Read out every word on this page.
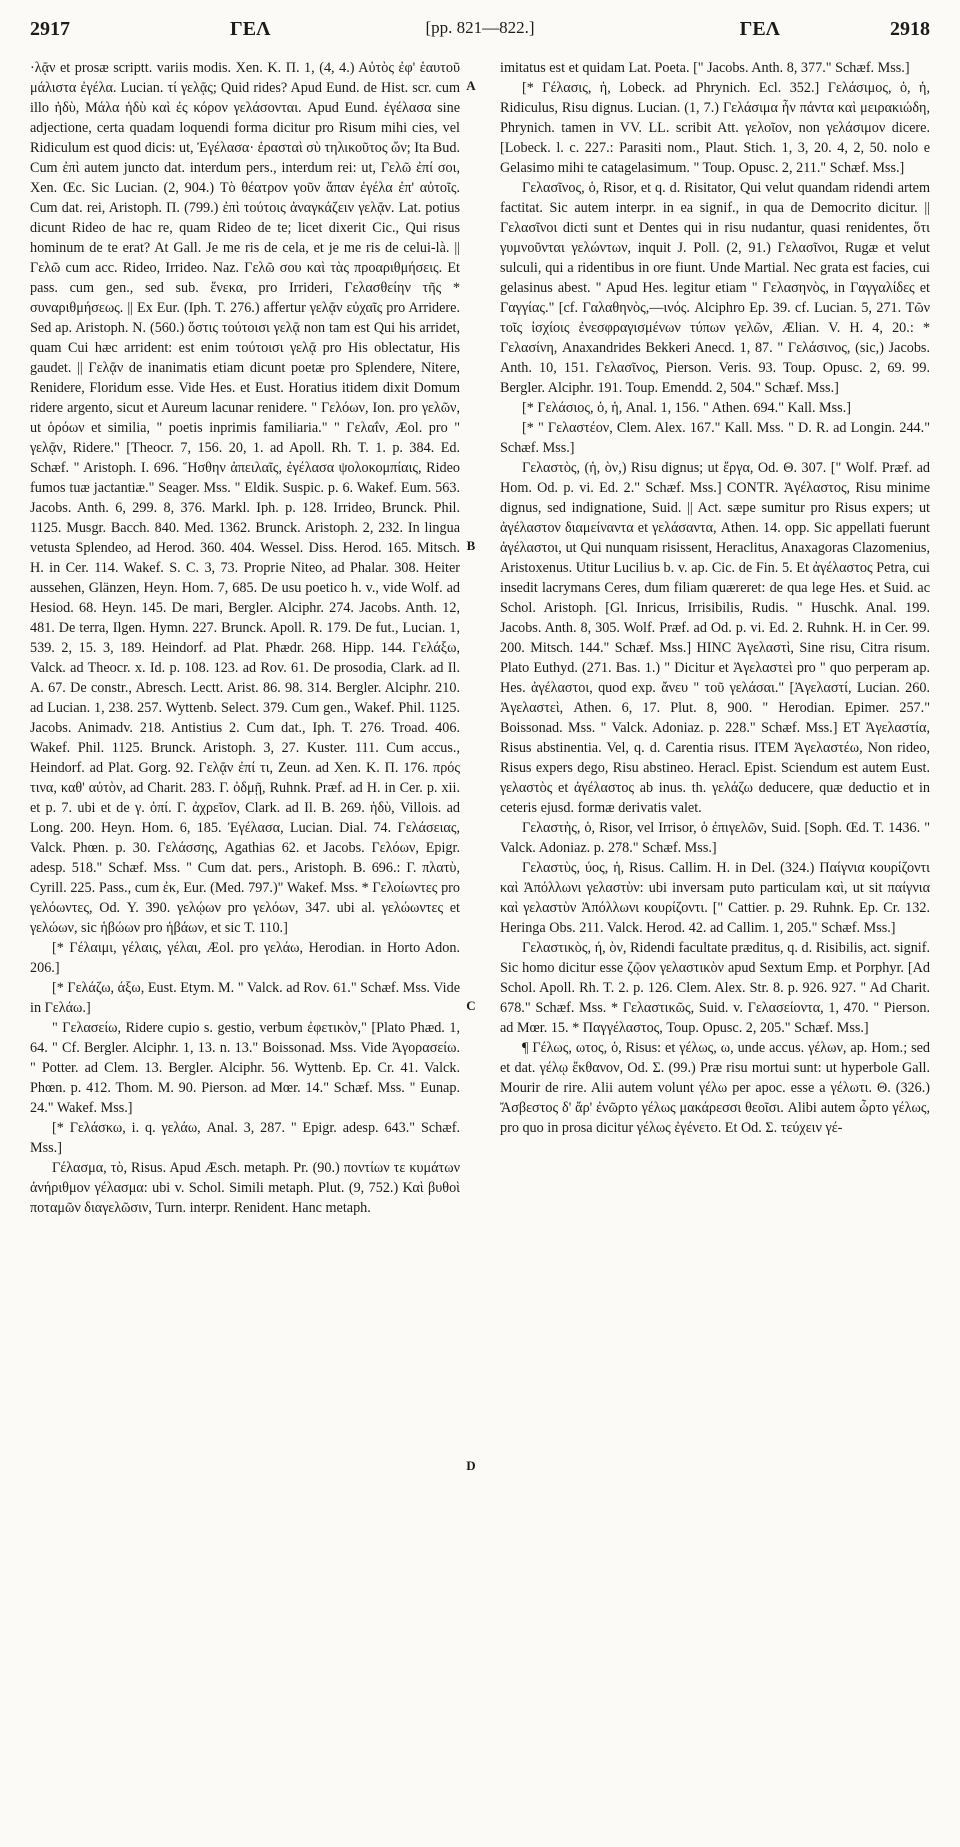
2917	ΓΕΛ	[pp. 821—822.]	ΓΕΛ	2918
A
B
C
D

·λᾷν et prosæ scriptt. variis modis. Xen. K. Π. 1, (4, 4.) Αὐτὸς ἐφ' ἑαυτοῦ μάλιστα ἐγέλα. Lucian. τί γελᾷς; Quid rides? Apud Eund. de Hist. scr. cum illo ἡδὺ, Μάλα ἡδὺ καὶ ἐς κόρον γελάσονται. Apud Eund. ἐγέλασα sine adjectione, certa quadam loquendi forma dicitur pro Risum mihi cies, vel Ridiculum est quod dicis: ut, Ἐγέλασα· ἐρασταὶ σὺ τηλικοῦτος ὤν; Ita Bud. Cum ἐπὶ autem juncto dat. interdum pers., interdum rei: ut, Γελῶ ἐπί σοι, Xen. Œc. Sic Lucian. (2, 904.) Τὸ θέατρον γοῦν ἅπαν ἐγέλα ἐπ' αὐτοῖς. Cum dat. rei, Aristoph. Π. (799.) ἐπὶ τούτοις ἀναγκάζειν γελᾷν. Lat. potius dicunt Rideo de hac re, quam Rideo de te; licet dixerit Cic., Qui risus hominum de te erat? At Gall. Je me ris de cela, et je me ris de celui-là. || Γελῶ cum acc. Rideo, Irrideo. Naz. Γελῶ σου καὶ τὰς προαριθμήσεις. Et pass. cum gen., sed sub. ἕνεκα, pro Irrideri, Γελασθείην τῆς * συναριθμήσεως. || Ex Eur. (Iph. T. 276.) affertur γελᾷν εὐχαῖς pro Arridere. Sed ap. Aristoph. N. (560.) ὅστις τούτοισι γελᾷ non tam est Qui his arridet, quam Cui hæc arrident: est enim τούτοισι γελᾷ pro His oblectatur, His gaudet. || Γελᾷν de inanimatis etiam dicunt poetæ pro Splendere, Nitere, Renidere, Floridum esse. Vide Hes. et Eust. Horatius itidem dixit Domum ridere argento, sicut et Aureum lacunar renidere. " Γελόων, Ion. pro γελῶν, ut ὁρόων et similia, " poetis inprimis familiaria." " Γελαΐν, Æol. pro " γελᾷν, Ridere." [Theocr. 7, 156. 20, 1. ad Apoll. Rh. T. 1. p. 384. Ed. Schæf. " Aristoph. Ι. 696. Ἥσθην ἀπειλαῖς, ἐγέλασα ψολοκομπίαις, Rideo fumos tuæ jactantiæ." Seager. Mss. " Eldik. Suspic. p. 6. Wakef. Eum. 563. Jacobs. Anth. 6, 299. 8, 376. Markl. Iph. p. 128. Irrideo, Brunck. Phil. 1125. Musgr. Bacch. 840. Med. 1362. Brunck. Aristoph. 2, 232. In lingua vetusta Splendeo, ad Herod. 360. 404. Wessel. Diss. Herod. 165. Mitsch. H. in Cer. 114. Wakef. S. C. 3, 73. Proprie Niteo, ad Phalar. 308. Heiter aussehen, Glänzen, Heyn. Hom. 7, 685. De usu poetico h. v., vide Wolf. ad Hesiod. 68. Heyn. 145. De mari, Bergler. Alciphr. 274. Jacobs. Anth. 12, 481. De terra, Ilgen. Hymn. 227. Brunck. Apoll. R. 179. De fut., Lucian. 1, 539. 2, 15. 3, 189. Heindorf. ad Plat. Phædr. 268. Hipp. 144. Γελάξω, Valck. ad Theocr. x. Id. p. 108. 123. ad Rov. 61. De prosodia, Clark. ad Il. A. 67. De constr., Abresch. Lectt. Arist. 86. 98. 314. Bergler. Alciphr. 210. ad Lucian. 1, 238. 257. Wyttenb. Select. 379. Cum gen., Wakef. Phil. 1125. Jacobs. Animadv. 218. Antistius 2. Cum dat., Iph. T. 276. Troad. 406. Wakef. Phil. 1125. Brunck. Aristoph. 3, 27. Kuster. 111. Cum accus., Heindorf. ad Plat. Gorg. 92. Γελᾷν ἐπί τι, Zeun. ad Xen. K. Π. 176. πρός τινα, καθ' αὐτὸν, ad Charit. 283. Γ. ὀδμῇ, Ruhnk. Præf. ad H. in Cer. p. xii. et p. 7. ubi et de γ. ὀπί. Γ. ἀχρεῖον, Clark. ad Il. B. 269. ἡδὺ, Villois. ad Long. 200. Heyn. Hom. 6, 185. Ἐγέλασα, Lucian. Dial. 74. Γελάσειας, Valck. Phœn. p. 30. Γελάσσης, Agathias 62. et Jacobs. Γελόων, Epigr. adesp. 518." Schæf. Mss. " Cum dat. pers., Aristoph. B. 696.: Γ. πλατὺ, Cyrill. 225. Pass., cum ἐκ, Eur. (Med. 797.)" Wakef. Mss. * Γελοίωντες pro γελόωντες, Od. Υ. 390. γελῴων pro γελόων, 347. ubi al. γελώωντες et γελώων, sic ἡβώων pro ἡβάων, et sic Τ. 110.]

[* Γέλαιμι, γέλαις, γέλαι, Æol. pro γελάω, Herodian. in Horto Adon. 206.]

[* Γελάζω, άξω, Eust. Etym. M. " Valck. ad Rov. 61." Schæf. Mss. Vide in Γελάω.]

" Γελασείω, Ridere cupio s. gestio, verbum ἐφετικὸν," [Plato Phæd. 1, 64. " Cf. Bergler. Alciphr. 1, 13. n. 13." Boissonad. Mss. Vide Ἀγορασείω. " Potter. ad Clem. 13. Bergler. Alciphr. 56. Wyttenb. Ep. Cr. 41. Valck. Phœn. p. 412. Thom. M. 90. Pierson. ad Mœr. 14." Schæf. Mss. " Eunap. 24." Wakef. Mss.]

[* Γελάσκω, i. q. γελάω, Anal. 3, 287. " Epigr. adesp. 643." Schæf. Mss.]

Γέλασμα, τὸ, Risus. Apud Æsch. metaph. Pr. (90.) ποντίων τε κυμάτων ἀνήριθμον γέλασμα: ubi v. Schol. Simili metaph. Plut. (9, 752.) Καὶ βυθοὶ ποταμῶν διαγελῶσιν, Turn. interpr. Renident. Hanc metaph.

imitatus est et quidam Lat. Poeta. [" Jacobs. Anth. 8, 377." Schæf. Mss.]

[* Γέλασις, ἡ, Lobeck. ad Phrynich. Ecl. 352.] Γελάσιμος, ὁ, ἡ, Ridiculus, Risu dignus. Lucian. (1, 7.) Γελάσιμα ἦν πάντα καὶ μειρακιώδη, Phrynich. tamen in VV. LL. scribit Att. γελοῖον, non γελάσιμον dicere. [Lobeck. l. c. 227.: Parasiti nom., Plaut. Stich. 1, 3, 20. 4, 2, 50. nolo e Gelasimo mihi te catagelasimum. " Toup. Opusc. 2, 211." Schæf. Mss.]

Γελασῖνος, ὁ, Risor, et q. d. Risitator, Qui velut quandam ridendi artem factitat. Sic autem interpr. in ea signif., in qua de Democrito dicitur. || Γελασῖνοι dicti sunt et Dentes qui in risu nudantur, quasi renidentes, ὅτι γυμνοῦνται γελώντων, inquit J. Poll. (2, 91.) Γελασῖνοι, Rugæ et velut sulculi, qui a ridentibus in ore fiunt. Unde Martial. Nec grata est facies, cui gelasinus abest. " Apud Hes. legitur etiam " Γελασηνὸς, in Γαγγαλίδες et Γαγγίας." [cf. Γαλαθηνὸς,—ινός. Alciphro Ep. 39. cf. Lucian. 5, 271. Τῶν τοῖς ἰσχίοις ἐνεσφραγισμένων τύπων γελῶν, Ælian. V. H. 4, 20.: * Γελασίνη, Anaxandrides Bekkeri Anecd. 1, 87. " Γελάσινος, (sic,) Jacobs. Anth. 10, 151. Γελασῖνος, Pierson. Veris. 93. Toup. Opusc. 2, 69. 99. Bergler. Alciphr. 191. Toup. Emendd. 2, 504." Schæf. Mss.]

[* Γελάσιος, ὁ, ἡ, Anal. 1, 156. " Athen. 694." Kall. Mss.]

[* " Γελαστέον, Clem. Alex. 167." Kall. Mss. " D. R. ad Longin. 244." Schæf. Mss.]

Γελαστὸς, (ἡ, ὸν,) Risu dignus; ut ἔργα, Od. Θ. 307. [" Wolf. Præf. ad Hom. Od. p. vi. Ed. 2." Schæf. Mss.] CONTR. Ἀγέλαστος, Risu minime dignus, sed indignatione, Suid. || Act. sæpe sumitur pro Risus expers; ut ἀγέλαστον διαμείναντα et γελάσαντα, Athen. 14. opp. Sic appellati fuerunt ἀγέλαστοι, ut Qui nunquam risissent, Heraclitus, Anaxagoras Clazomenius, Aristoxenus. Utitur Lucilius b. v. ap. Cic. de Fin. 5. Et ἀγέλαστος Petra, cui insedit lacrymans Ceres, dum filiam quæreret: de qua lege Hes. et Suid. ac Schol. Aristoph. [Gl. Inricus, Irrisibilis, Rudis. " Huschk. Anal. 199. Jacobs. Anth. 8, 305. Wolf. Præf. ad Od. p. vi. Ed. 2. Ruhnk. H. in Cer. 99. 200. Mitsch. 144." Schæf. Mss.] HINC Ἀγελαστὶ, Sine risu, Citra risum. Plato Euthyd. (271. Bas. 1.) " Dicitur et Ἀγελαστεὶ pro " quo perperam ap. Hes. ἀγέλαστοι, quod exp. ἄνευ " τοῦ γελάσαι." [Ἀγελαστί, Lucian. 260. Ἀγελαστεὶ, Athen. 6, 17. Plut. 8, 900. " Herodian. Epimer. 257." Boissonad. Mss. " Valck. Adoniaz. p. 228." Schæf. Mss.] ET Ἀγελαστία, Risus abstinentia. Vel, q. d. Carentia risus. ITEM Ἀγελαστέω, Non rideo, Risus expers dego, Risu abstineo. Heracl. Epist. Sciendum est autem Eust. γελαστὸς et ἀγέλαστος ab inus. th. γελάζω deducere, quæ deductio et in ceteris ejusd. formæ derivatis valet.

Γελαστὴς, ὁ, Risor, vel Irrisor, ὁ ἐπιγελῶν, Suid. [Soph. Œd. T. 1436. " Valck. Adoniaz. p. 278." Schæf. Mss.]

Γελαστὺς, ύος, ἡ, Risus. Callim. H. in Del. (324.) Παίγνια κουρίζοντι καὶ Ἀπόλλωνι γελαστὺν: ubi inversam puto particulam καὶ, ut sit παίγνια καὶ γελαστὺν Ἀπόλλωνι κουρίζοντι. [" Cattier. p. 29. Ruhnk. Ep. Cr. 132. Heringa Obs. 211. Valck. Herod. 42. ad Callim. 1, 205." Schæf. Mss.]

Γελαστικὸς, ή, ὸν, Ridendi facultate præditus, q. d. Risibilis, act. signif. Sic homo dicitur esse ζῷον γελαστικὸν apud Sextum Emp. et Porphyr. [Ad Schol. Apoll. Rh. T. 2. p. 126. Clem. Alex. Str. 8. p. 926. 927. " Ad Charit. 678." Schæf. Mss. * Γελαστικῶς, Suid. v. Γελασείοντα, 1, 470. " Pierson. ad Mœr. 15. * Παγγέλαστος, Toup. Opusc. 2, 205." Schæf. Mss.]

¶ Γέλως, ωτος, ὁ, Risus: et γέλως, ω, unde accus. γέλων, ap. Hom.; sed et dat. γέλῳ ἔκθανον, Od. Σ. (99.) Præ risu mortui sunt: ut hyperbole Gall. Mourir de rire. Alii autem volunt γέλω per apoc. esse a γέλωτι. Θ. (326.) Ἄσβεστος δ' ἄρ' ἐνῶρτο γέλως μακάρεσσι θεοῖσι. Alibi autem ὦρτο γέλως, pro quo in prosa dicitur γέλως ἐγένετο. Et Od. Σ. τεύχειν γέ-
